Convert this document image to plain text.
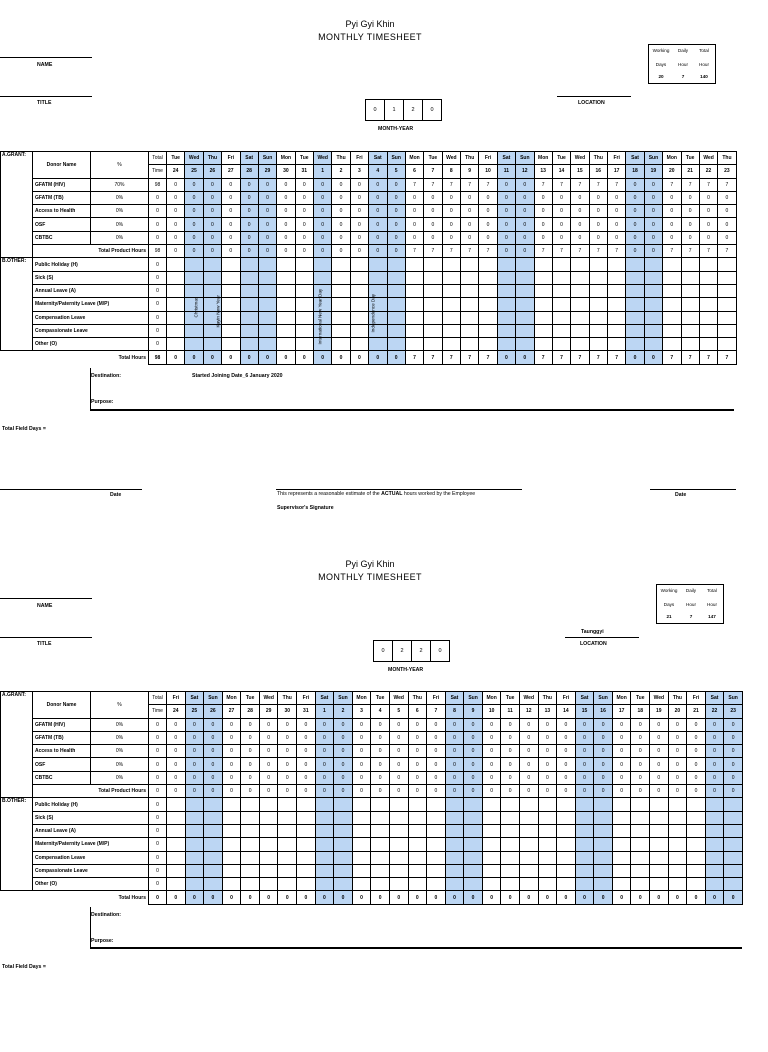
Pyi Gyi Khin
MONTHLY TIMESHEET
Working	Daily	Total
Days	Hour	Hour
20	7	140
NAME
TITLE
0	1	2	0
MONTH-YEAR
LOCATION
A.GRANT:	Donor Name	%	Total	Tue	Wed	Thu	Fri	Sat	Sun	Mon	Tue	Wed	Thu	Fri	Sat	Sun	Mon	Tue	Wed	Thu	Fri	Sat	Sun	Mon	Tue	Wed	Thu	Fri	Sat	Sun	Mon	Tue	Wed	Thu
			Time	24	25	26	27	28	29	30	31	1	2	3	4	5	6	7	8	9	10	11	12	13	14	15	16	17	18	19	20	21	22	23
	GFATM (HIV)	70%	98	0	0	0	0	0	0	0	0	0	0	0	0	0	7	7	7	7	7	0	0	7	7	7	7	7	0	0	7	7	7	7
	GFATM (TB)	0%	0	0	0	0	0	0	0	0	0	0	0	0	0	0	0	0	0	0	0	0	0	0	0	0	0	0	0	0	0	0	0	0
	Access to Health	0%	0	0	0	0	0	0	0	0	0	0	0	0	0	0	0	0	0	0	0	0	0	0	0	0	0	0	0	0	0	0	0	0
	OSF	0%	0	0	0	0	0	0	0	0	0	0	0	0	0	0	0	0	0	0	0	0	0	0	0	0	0	0	0	0	0	0	0	0
	CBTBC	0%	0	0	0	0	0	0	0	0	0	0	0	0	0	0	0	0	0	0	0	0	0	0	0	0	0	0	0	0	0	0	0	0
	Total Product Hours		98	0	0	0	0	0	0	0	0	0	0	0	0	0	7	7	7	7	7	0	0	7	7	7	7	7	0	0	7	7	7	7
B.OTHER:	Public Holiday (H)		0																															
	Sick (S)		0																															
	Annual Leave (A)		0																															
	Maternity/Paternity Leave (M/P)		0																															
	Compensation Leave		0																															
	Compassionate Leave		0																															
	Other (O)		0																															
	Total Hours		98	0	0	0	0	0	0	0	0	0	0	0	0	0	7	7	7	7	7	0	0	7	7	7	7	7	0	0	7	7	7	7
Christmas	Kayin New Year	International New Year Day	Independence Day
Destination:	Started Joining Date_6 January 2020
Purpose:
Total Field Days =
Date	This represents a reasonable estimate of the ACTUAL hours worked by the Employee
Supervisor's Signature
Date
Pyi Gyi Khin
MONTHLY TIMESHEET
Working	Daily	Total
Days	Hour	Hour
21	7	147
NAME
TITLE
0	2	2	0
MONTH-YEAR
Taunggyi
LOCATION
A.GRANT:	Donor Name	%	Total	Fri	Sat	Sun	Mon	Tue	Wed	Thu	Fri	Sat	Sun	Mon	Tue	Wed	Thu	Fri	Sat	Sun	Mon	Tue	Wed	Thu	Fri	Sat	Sun	Mon	Tue	Wed	Thu	Fri	Sat	Sun
			Time	24	25	26	27	28	29	30	31	1	2	3	4	5	6	7	8	9	10	11	12	13	14	15	16	17	18	19	20	21	22	23
	GFATM (HIV)	0%	0	0	0	0	0	0	0	0	0	0	0	0	0	0	0	0	0	0	0	0	0	0	0	0	0	0	0	0	0	0	0	0
	GFATM (TB)	0%	0	0	0	0	0	0	0	0	0	0	0	0	0	0	0	0	0	0	0	0	0	0	0	0	0	0	0	0	0	0	0	0
	Access to Health	0%	0	0	0	0	0	0	0	0	0	0	0	0	0	0	0	0	0	0	0	0	0	0	0	0	0	0	0	0	0	0	0	0
	OSF	0%	0	0	0	0	0	0	0	0	0	0	0	0	0	0	0	0	0	0	0	0	0	0	0	0	0	0	0	0	0	0	0	0
	CBTBC	0%	0	0	0	0	0	0	0	0	0	0	0	0	0	0	0	0	0	0	0	0	0	0	0	0	0	0	0	0	0	0	0	0
	Total Product Hours		0	0	0	0	0	0	0	0	0	0	0	0	0	0	0	0	0	0	0	0	0	0	0	0	0	0	0	0	0	0	0	0
B.OTHER:	Public Holiday (H)		0																															
	Sick (S)		0																															
	Annual Leave (A)		0																															
	Maternity/Paternity Leave (M/P)		0																															
	Compensation Leave		0																															
	Compassionate Leave		0																															
	Other (O)		0																															
	Total Hours		0	0	0	0	0	0	0	0	0	0	0	0	0	0	0	0	0	0	0	0	0	0	0	0	0	0	0	0	0	0	0	0
Destination:
Purpose:
Total Field Days =
